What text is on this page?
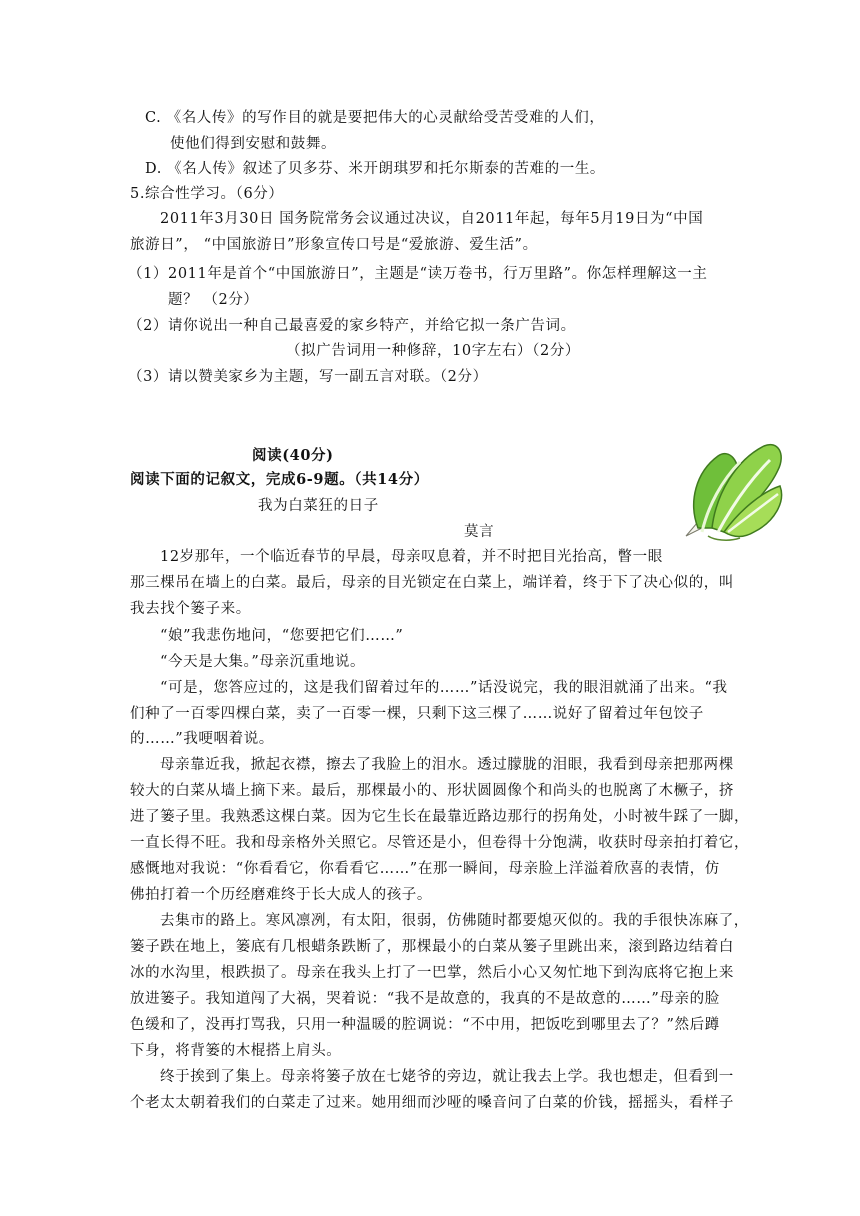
C. 《名人传》的写作目的就是要把伟大的心灵献给受苦受难的人们，
使他们得到安慰和鼓舞。
D. 《名人传》叙述了贝多芬、米开朗琪罗和托尔斯泰的苦难的一生。
5.综合性学习。（6分）
2011年3月30日 国务院常务会议通过决议，自2011年起，每年5月19日为“中国
旅游日”， “中国旅游日”形象宣传口号是“爱旅游、爱生活”。
（1）2011年是首个“中国旅游日”，主题是“读万卷书，行万里路”。你怎样理解这一主
题？ （2分）
（2）请你说出一种自己最喜爱的家乡特产，并给它拟一条广告词。
（拟广告词用一种修辞，10字左右）（2分）
（3）请以赞美家乡为主题，写一副五言对联。（2分）
阅读(40分)
阅读下面的记叙文，完成6-9题。（共14分）
我为白菜狂的日子
莫言
12岁那年，一个临近春节的早晨，母亲叹息着，并不时把目光抬高，瞥一眼
那三棵吊在墙上的白菜。最后，母亲的目光锁定在白菜上，端详着，终于下了决心似的，叫
我去找个篓子来。
“娘”我悲伤地问，“您要把它们……”
“今天是大集。”母亲沉重地说。
“可是，您答应过的，这是我们留着过年的……”话没说完，我的眼泪就涌了出来。“我
们种了一百零四棵白菜，卖了一百零一棵，只剩下这三棵了……说好了留着过年包饺子
的……”我哽咽着说。
母亲靠近我，掀起衣襟，擦去了我脸上的泪水。透过朦胧的泪眼，我看到母亲把那两棵
较大的白菜从墙上摘下来。最后，那棵最小的、形状圆圆像个和尚头的也脱离了木橛子，挤
进了篓子里。我熟悉这棵白菜。因为它生长在最靠近路边那行的拐角处，小时被牛踩了一脚，
一直长得不旺。我和母亲格外关照它。尽管还是小，但卷得十分饱满，收获时母亲拍打着它，
感慨地对我说：“你看看它，你看看它……”在那一瞬间，母亲脸上洋溢着欣喜的表情，仿
佛拍打着一个历经磨难终于长大成人的孩子。
去集市的路上。寒风凛冽，有太阳，很弱，仿佛随时都要熄灭似的。我的手很快冻麻了，
篓子跌在地上，篓底有几根蜡条跌断了，那棵最小的白菜从篓子里跳出来，滚到路边结着白
冰的水沟里，根跌损了。母亲在我头上打了一巴掌，然后小心又匆忙地下到沟底将它抱上来
放进篓子。我知道闯了大祸，哭着说：“我不是故意的，我真的不是故意的……”母亲的脸
色缓和了，没再打骂我，只用一种温暖的腔调说：“不中用，把饭吃到哪里去了？”然后蹲
下身，将背篓的木棍搭上肩头。
终于挨到了集上。母亲将篓子放在七姥爷的旁边，就让我去上学。我也想走，但看到一
个老太太朝着我们的白菜走了过来。她用细而沙哑的嗓音问了白菜的价钱，摇摇头，看样子
